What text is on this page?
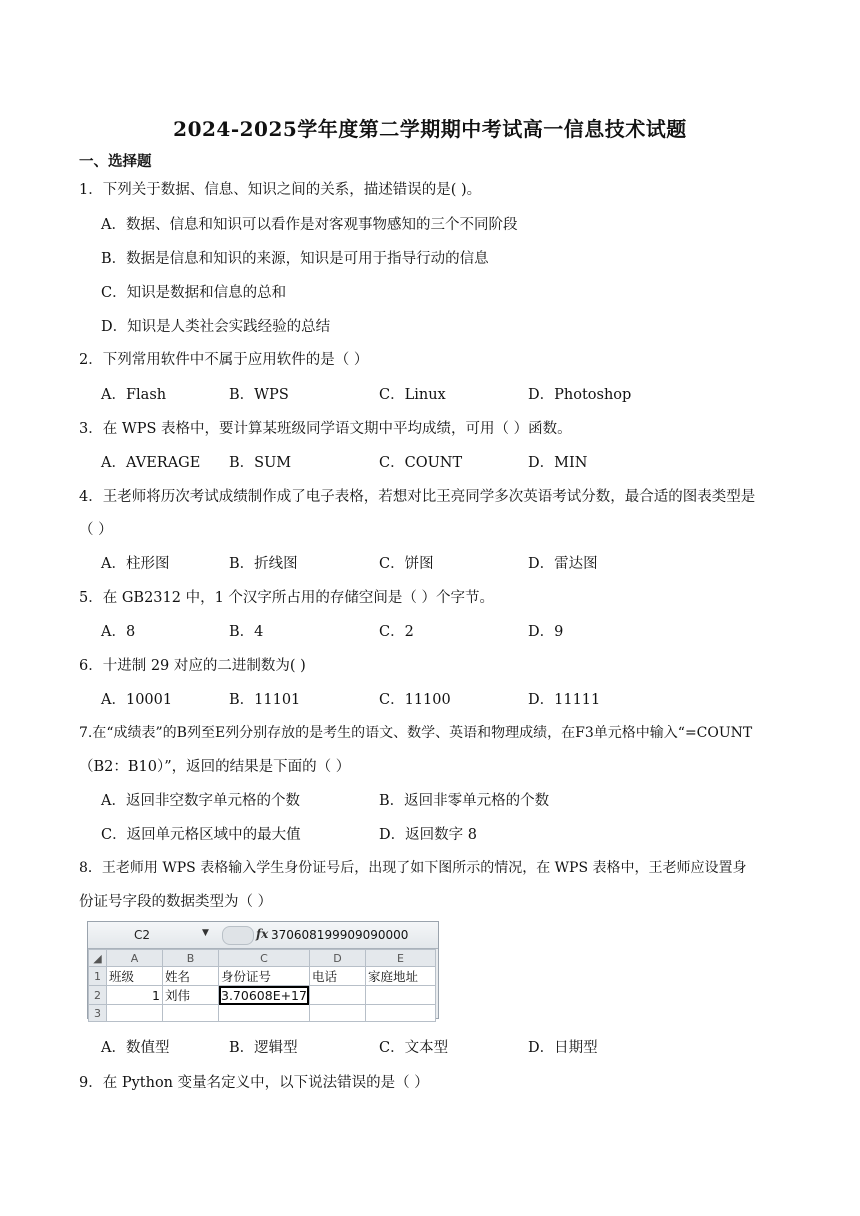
2024-2025学年度第二学期期中考试高一信息技术试题
一、选择题
1．下列关于数据、信息、知识之间的关系，描述错误的是( )。
A．数据、信息和知识可以看作是对客观事物感知的三个不同阶段
B．数据是信息和知识的来源，知识是可用于指导行动的信息
C．知识是数据和信息的总和
D．知识是人类社会实践经验的总结
2．下列常用软件中不属于应用软件的是（ ）
A．Flash	B．WPS	C．Linux	D．Photoshop
3．在 WPS 表格中，要计算某班级同学语文期中平均成绩，可用（ ）函数。
A．AVERAGE B．SUM	C．COUNT	D．MIN
4．王老师将历次考试成绩制作成了电子表格，若想对比王亮同学多次英语考试分数，最合适的图表类型是
（ ）
A．柱形图	B．折线图	C．饼图	D．雷达图
5．在 GB2312 中，1 个汉字所占用的存储空间是（ ）个字节。
A．8	B．4	C．2	D．9
6．十进制 29 对应的二进制数为( )
A．10001	B．11101	C．11100	D．11111
7.在“成绩表”的B列至E列分别存放的是考生的语文、数学、英语和物理成绩，在F3单元格中输入“=COUNT
（B2：B10）”，返回的结果是下面的（ ）
A．返回非空数字单元格的个数	B．返回非零单元格的个数
C．返回单元格区域中的最大值	D．返回数字 8
8．王老师用 WPS 表格输入学生身份证号后，出现了如下图所示的情况，在 WPS 表格中，王老师应设置身
份证号字段的数据类型为（ ）
C2	▼
	fx 370608199909090000
◢	A	B	C	D	E
1	班级	姓名	身份证号	电话	家庭地址
2	1	刘伟	3.70608E+17		
3					
A．数值型	B．逻辑型	C．文本型	D．日期型
9．在 Python 变量名定义中，以下说法错误的是（ ）
